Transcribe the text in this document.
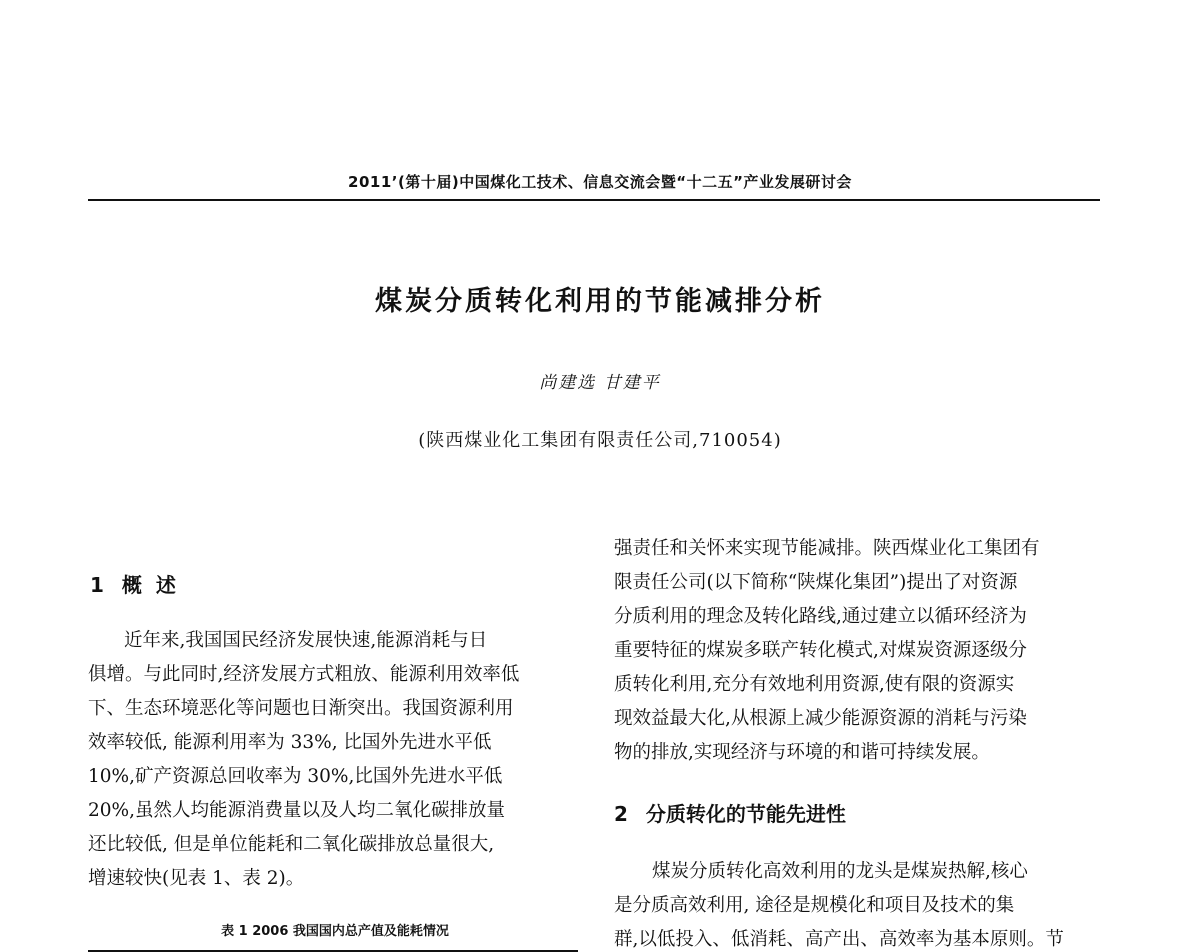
2011’(第十届)中国煤化工技术、信息交流会暨“十二五”产业发展研讨会
煤炭分质转化利用的节能减排分析
尚建选 甘建平
(陕西煤业化工集团有限责任公司,710054)
1 概述
近年来,我国国民经济发展快速,能源消耗与日
俱增。与此同时,经济发展方式粗放、能源利用效率低
下、生态环境恶化等问题也日渐突出。我国资源利用
效率较低, 能源利用率为 33%, 比国外先进水平低
10%,矿产资源总回收率为 30%,比国外先进水平低
20%,虽然人均能源消费量以及人均二氧化碳排放量
还比较低, 但是单位能耗和二氧化碳排放总量很大,
增速较快(见表 1、表 2)。
表 1 2006 我国国内总产值及能耗情况
强责任和关怀来实现节能减排。陕西煤业化工集团有
限责任公司(以下简称“陕煤化集团”)提出了对资源
分质利用的理念及转化路线,通过建立以循环经济为
重要特征的煤炭多联产转化模式,对煤炭资源逐级分
质转化利用,充分有效地利用资源,使有限的资源实
现效益最大化,从根源上减少能源资源的消耗与污染
物的排放,实现经济与环境的和谐可持续发展。
2 分质转化的节能先进性
煤炭分质转化高效利用的龙头是煤炭热解,核心
是分质高效利用, 途径是规模化和项目及技术的集
群,以低投入、低消耗、高产出、高效率为基本原则。节
